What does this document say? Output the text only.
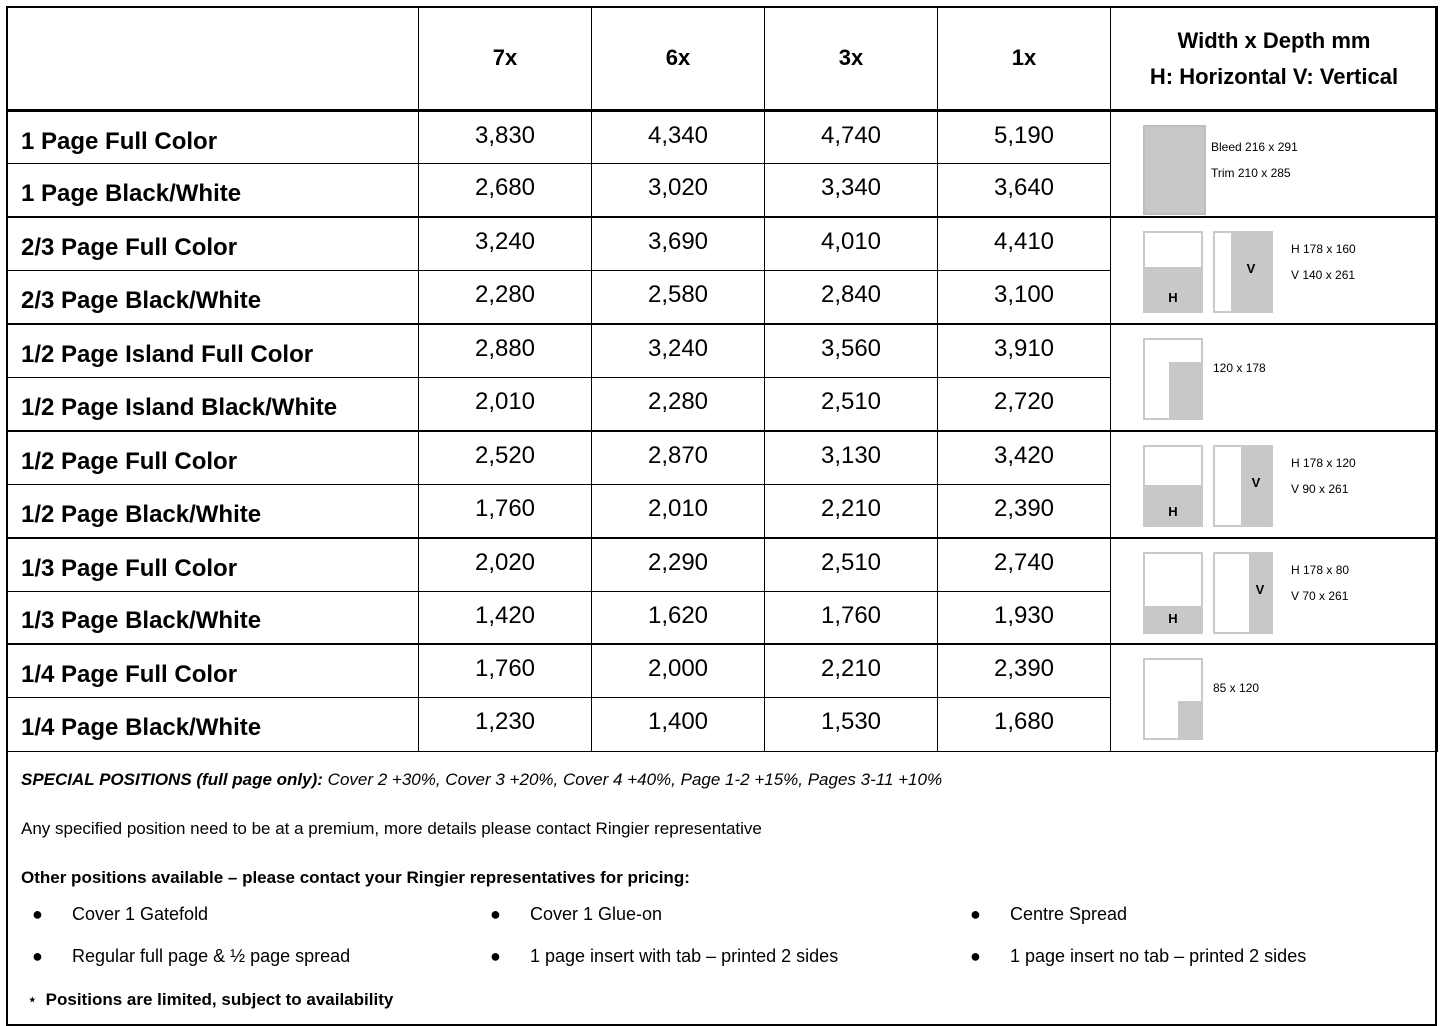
	7x	6x	3x	1x	Width x Depth mm
H: Horizontal V: Vertical

1 Page Full Color	3,830	4,340	4,740	5,190	Bleed 216 x 291
Trim 210 x 285

1 Page Black/White	2,680	3,020	3,340	3,640	
2/3 Page Full Color	3,240	3,690	4,010	4,410	H
V
H 178 x 160
V 140 x 261

2/3 Page Black/White	2,280	2,580	2,840	3,100	
1/2 Page Island Full Color	2,880	3,240	3,560	3,910	120 x 178

1/2 Page Island Black/White	2,010	2,280	2,510	2,720	
1/2 Page Full Color	2,520	2,870	3,130	3,420	H
V
H 178 x 120
V 90 x 261

1/2 Page Black/White	1,760	2,010	2,210	2,390	
1/3 Page Full Color	2,020	2,290	2,510	2,740	H
V
H 178 x 80
V 70 x 261

1/3 Page Black/White	1,420	1,620	1,760	1,930	
1/4 Page Full Color	1,760	2,000	2,210	2,390	85 x 120

1/4 Page Black/White	1,230	1,400	1,530	1,680	
SPECIAL POSITIONS (full page only): Cover 2 +30%, Cover 3 +20%, Cover 4 +40%, Page 1-2 +15%, Pages 3-11 +10%
Any specified position need to be at a premium, more details please contact Ringier representative
Other positions available – please contact your Ringier representatives for pricing:
● Cover 1 Gatefold	● Cover 1 Glue-on	● Centre Spread
● Regular full page & ½ page spread	● 1 page insert with tab – printed 2 sides	● 1 page insert no tab – printed 2 sides
⋆ Positions are limited, subject to availability
